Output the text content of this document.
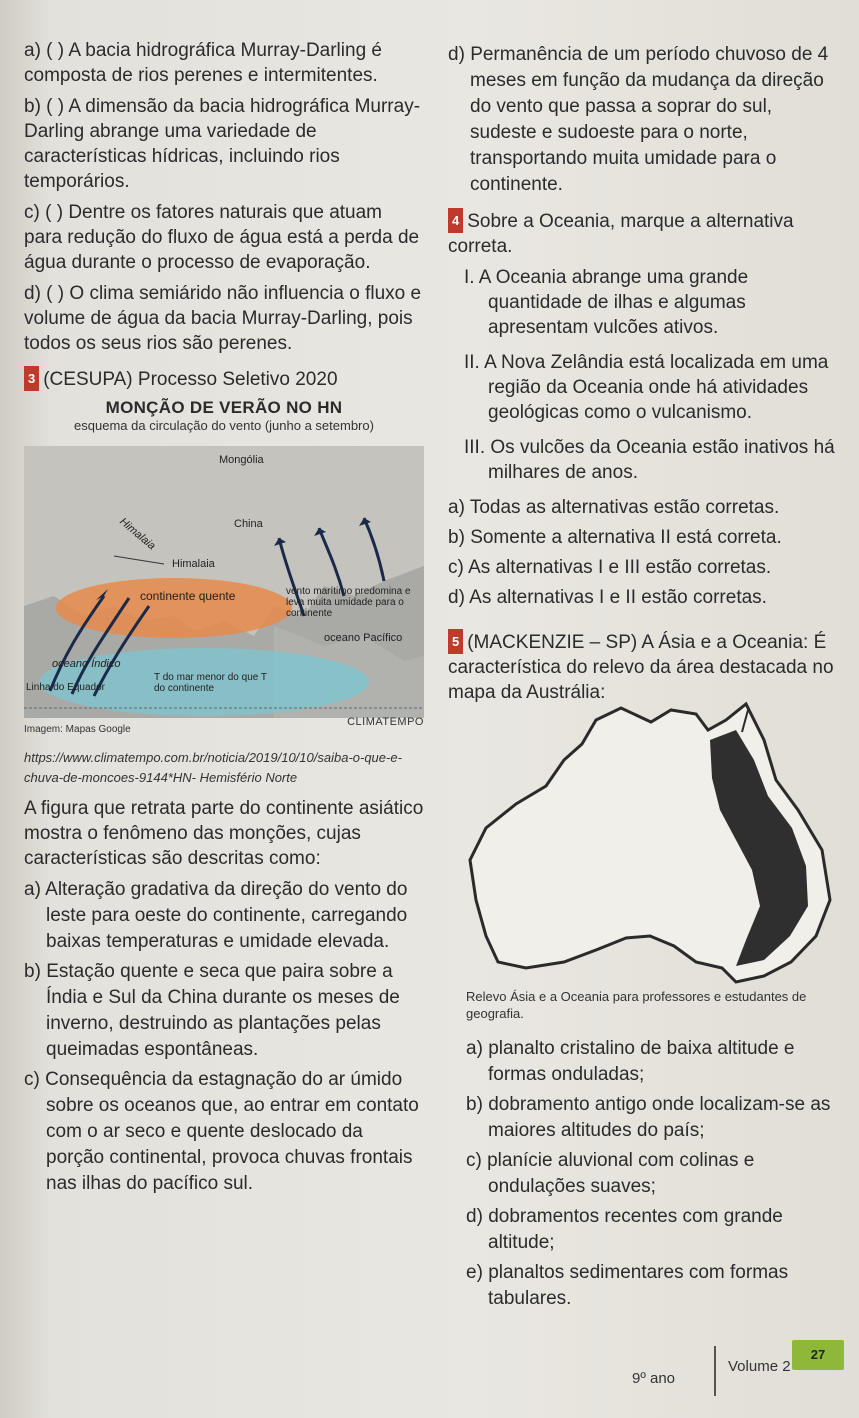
a) ( ) A bacia hidrográfica Murray-Darling é composta de rios perenes e intermitentes.

b) ( ) A dimensão da bacia hidrográfica Murray-Darling abrange uma variedade de características hídricas, incluindo rios temporários.

c) ( ) Dentre os fatores naturais que atuam para redução do fluxo de água está a perda de água durante o processo de evaporação.

d) ( ) O clima semiárido não influencia o fluxo e volume de água da bacia Murray-Darling, pois todos os seus rios são perenes.

3 (CESUPA) Processo Seletivo 2020

MONÇÃO DE VERÃO NO HN
esquema da circulação do vento (junho a setembro)
Mongólia
China
Himalaia
Himalaia
continente quente	vento marítimo predomina e leva muita umidade para o continente
oceano Pacífico
oceano Índico
Linha do Equador
T do mar menor do que T do continente
CLIMATEMPO
Imagem: Mapas Google

https://www.climatempo.com.br/noticia/2019/10/10/saiba-o-que-e-chuva-de-moncoes-9144*HN- Hemisfério Norte

A figura que retrata parte do continente asiático mostra o fenômeno das monções, cujas características são descritas como:

a) Alteração gradativa da direção do vento do leste para oeste do continente, carregando baixas temperaturas e umidade elevada.

b) Estação quente e seca que paira sobre a Índia e Sul da China durante os meses de inverno, destruindo as plantações pelas queimadas espontâneas.

c) Consequência da estagnação do ar úmido sobre os oceanos que, ao entrar em contato com o ar seco e quente deslocado da porção continental, provoca chuvas frontais nas ilhas do pacífico sul.

d) Permanência de um período chuvoso de 4 meses em função da mudança da direção do vento que passa a soprar do sul, sudeste e sudoeste para o norte, transportando muita umidade para o continente.

4 Sobre a Oceania, marque a alternativa correta.

I. A Oceania abrange uma grande quantidade de ilhas e algumas apresentam vulcões ativos.

II. A Nova Zelândia está localizada em uma região da Oceania onde há atividades geológicas como o vulcanismo.

III. Os vulcões da Oceania estão inativos há milhares de anos.

a) Todas as alternativas estão corretas.

b) Somente a alternativa II está correta.

c) As alternativas I e III estão corretas.

d) As alternativas I e II estão corretas.

5 (MACKENZIE – SP) A Ásia e a Oceania: É característica do relevo da área destacada no mapa da Austrália:

Relevo Ásia e a Oceania para professores e estudantes de geografia.

a) planalto cristalino de baixa altitude e formas onduladas;

b) dobramento antigo onde localizam-se as maiores altitudes do país;

c) planície aluvional com colinas e ondulações suaves;

d) dobramentos recentes com grande altitude;

e) planaltos sedimentares com formas tabulares.

9º ano
Volume 2
27
